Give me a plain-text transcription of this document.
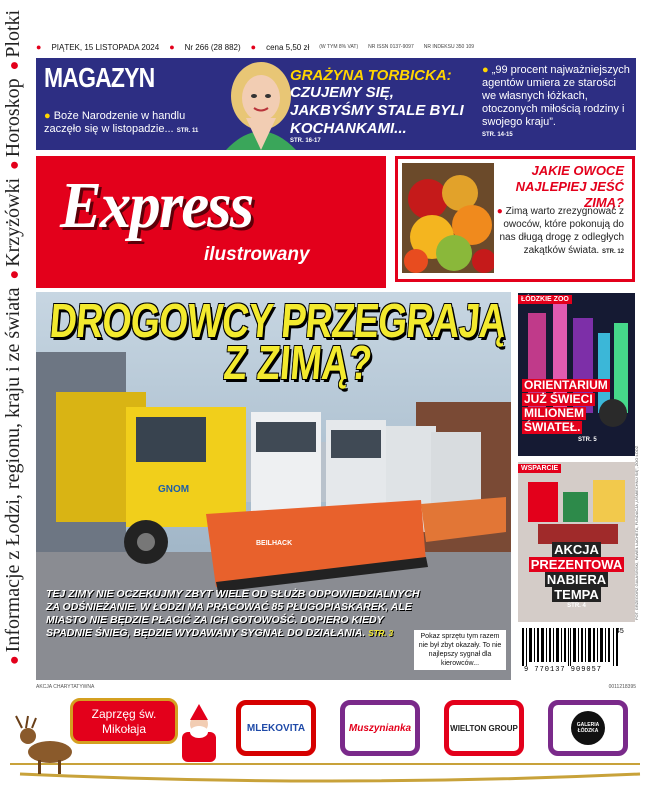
●Informacje z Łodzi, regionu, kraju i ze świata ●Krzyżówki ●Horoskop ●Plotki ● PIĄTEK, 15 LISTOPADA 2024 ● Nr 266 (28 882) ● cena 5,50 zł (W TYM 8% VAT) NR ISSN 0137-9097 NR INDEKSU 350 109
MAGAZYN
● Boże Narodzenie w handlu zaczęło się w listopadzie... STR. 11
GRAŻYNA TORBICKA:
CZUJEMY SIĘ, JAKBYŚMY STALE BYLI KOCHANKAMI...
STR. 16-17
● „99 procent najważniejszych agentów umiera ze starości we własnych łóżkach, otoczonych miłością rodziny i swojego kraju”.
STR. 14-15
Express
ilustrowany
JAKIE OWOCE NAJLEPIEJ JEŚĆ ZIMĄ?
● Zimą warto zrezygnować z owoców, które pokonują do nas długą drogę z odległych zakątków świata. STR. 12
GNOM
BEILHACK
DROGOWCY PRZEGRAJĄ
Z ZIMĄ?
TEJ ZIMY NIE OCZEKUJMY ZBYT WIELE OD SŁUŻB ODPOWIEDZIALNYCH ZA ODŚNIEŻANIE. W ŁODZI MA PRACOWAĆ 85 PŁUGOPIASKAREK, ALE MIASTO NIE BĘDZIE PŁACIĆ ZA ICH GOTOWOŚĆ. DOPIERO KIEDY SPADNIE ŚNIEG, BĘDZIE WYDAWANY SYGNAŁ DO DZIAŁANIA. STR. 3	Pokaz sprzętu tym razem nie był zbyt okazały. To nie najlepszy sygnał dla kierowców...
ŁÓDZKIE ZOO
ORIENTARIUM
JUŻ ŚWIECI
MILIONEM
ŚWIATEŁ.
STR. 5
WSPARCIE
AKCJA
PREZENTOWA
NABIERA
TEMPA
STR. 4	FOT. GRZEGORZ GAŁASIŃSKI, PAWEŁ ŁACHETA, FUNDACJA „UŚMIECHNIJ SIĘ”, ZOO ŁÓDŹ
9 770137 909057
45
AKCJA CHARYTATYWNA	0011218395
Zaprzęg św. Mikołaja	MLEKOVITA	Muszynianka	WIELTON GROUP	GALERIA ŁÓDZKA
